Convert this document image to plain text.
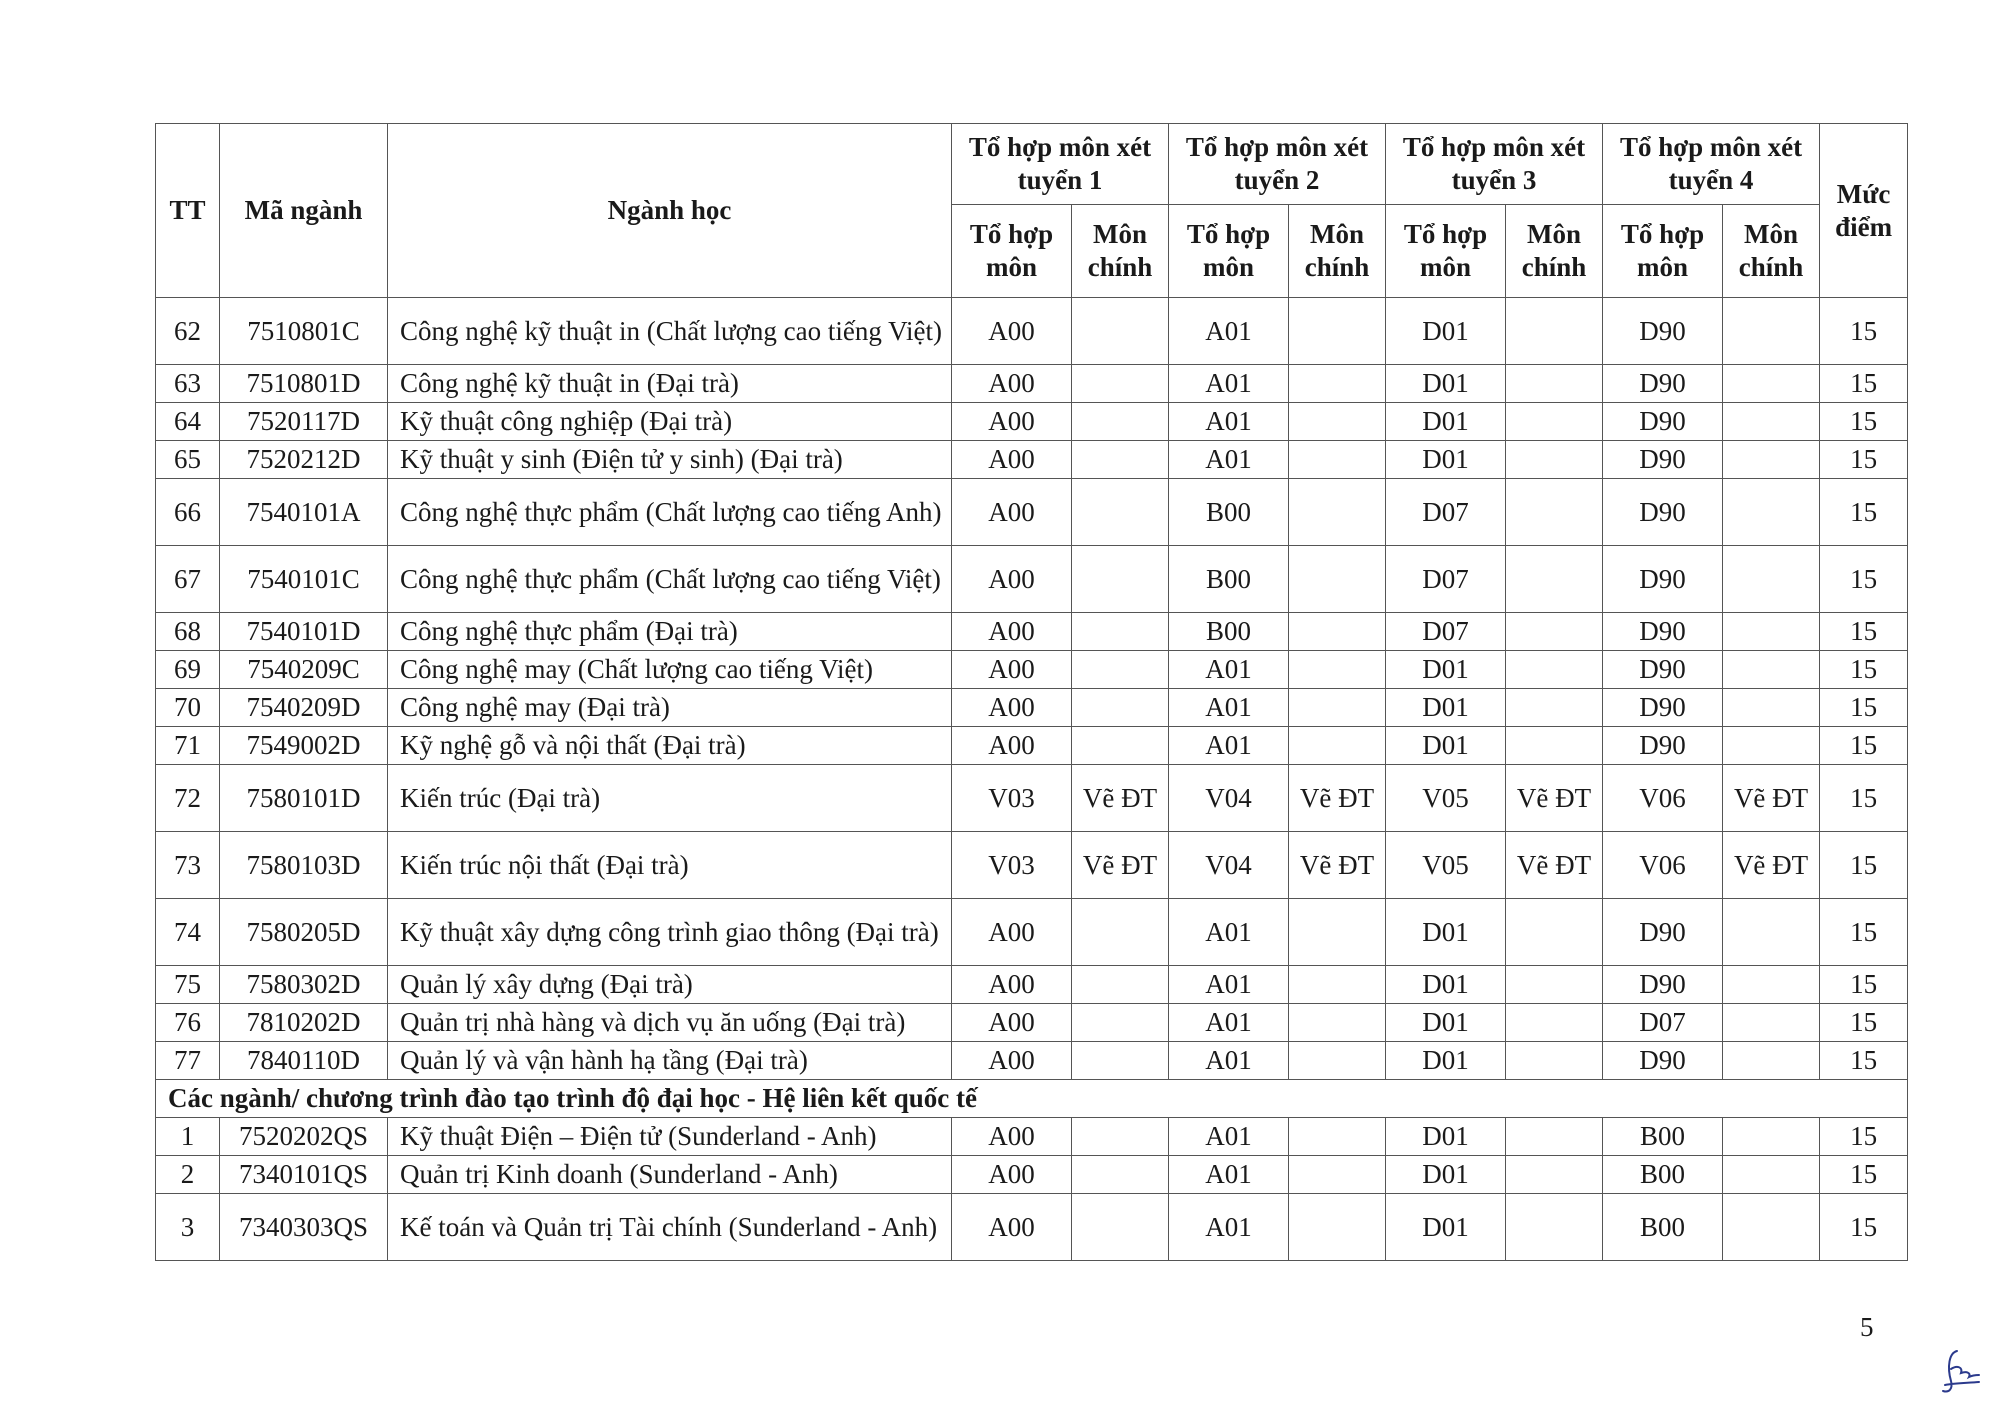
TT	Mã ngành	Ngành học	Tổ hợp môn xét tuyển 1		Tổ hợp môn xét tuyển 2		Tổ hợp môn xét tuyển 3		Tổ hợp môn xét tuyển 4		Mức điểm
			Tổ hợp môn	Môn chính	Tổ hợp môn	Môn chính	Tổ hợp môn	Môn chính	Tổ hợp môn	Môn chính	
62	7510801C	Công nghệ kỹ thuật in (Chất lượng cao tiếng Việt)	A00		A01		D01		D90		15
63	7510801D	Công nghệ kỹ thuật in (Đại trà)	A00		A01		D01		D90		15
64	7520117D	Kỹ thuật công nghiệp (Đại trà)	A00		A01		D01		D90		15
65	7520212D	Kỹ thuật y sinh (Điện tử y sinh) (Đại trà)	A00		A01		D01		D90		15
66	7540101A	Công nghệ thực phẩm (Chất lượng cao tiếng Anh)	A00		B00		D07		D90		15
67	7540101C	Công nghệ thực phẩm (Chất lượng cao tiếng Việt)	A00		B00		D07		D90		15
68	7540101D	Công nghệ thực phẩm (Đại trà)	A00		B00		D07		D90		15
69	7540209C	Công nghệ may (Chất lượng cao tiếng Việt)	A00		A01		D01		D90		15
70	7540209D	Công nghệ may (Đại trà)	A00		A01		D01		D90		15
71	7549002D	Kỹ nghệ gỗ và nội thất (Đại trà)	A00		A01		D01		D90		15
72	7580101D	Kiến trúc (Đại trà)	V03	Vẽ ĐT	V04	Vẽ ĐT	V05	Vẽ ĐT	V06	Vẽ ĐT	15
73	7580103D	Kiến trúc nội thất (Đại trà)	V03	Vẽ ĐT	V04	Vẽ ĐT	V05	Vẽ ĐT	V06	Vẽ ĐT	15
74	7580205D	Kỹ thuật xây dựng công trình giao thông (Đại trà)	A00		A01		D01		D90		15
75	7580302D	Quản lý xây dựng (Đại trà)	A00		A01		D01		D90		15
76	7810202D	Quản trị nhà hàng và dịch vụ ăn uống (Đại trà)	A00		A01		D01		D07		15
77	7840110D	Quản lý và vận hành hạ tầng (Đại trà)	A00		A01		D01		D90		15
Các ngành/ chương trình đào tạo trình độ đại học - Hệ liên kết quốc tế											
1	7520202QS	Kỹ thuật Điện – Điện tử (Sunderland - Anh)	A00		A01		D01		B00		15
2	7340101QS	Quản trị Kinh doanh (Sunderland - Anh)	A00		A01		D01		B00		15
3	7340303QS	Kế toán và Quản trị Tài chính (Sunderland - Anh)	A00		A01		D01		B00		15
5
